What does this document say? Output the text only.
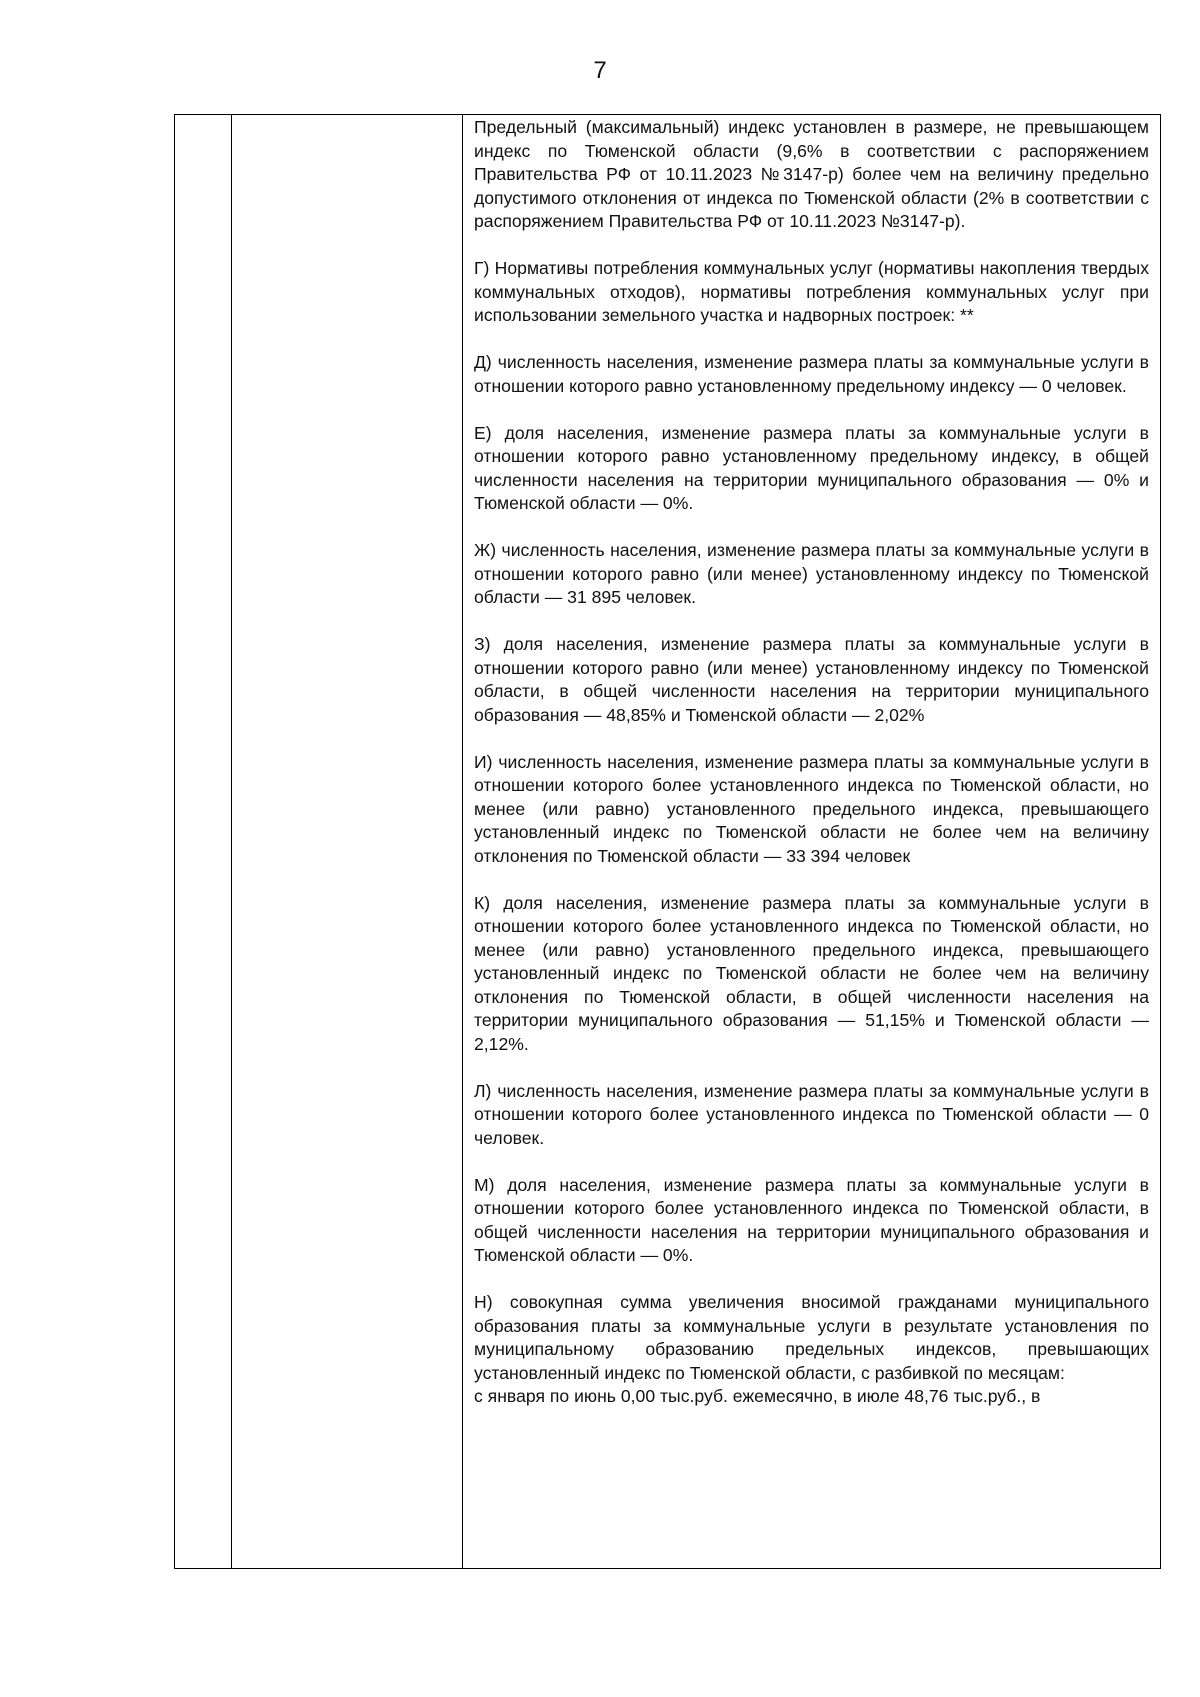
7

Предельный (максимальный) индекс установлен в размере, не превышающем индекс по Тюменской области (9,6% в соответствии с распоряжением Правительства РФ от 10.11.2023 №3147-р) более чем на величину предельно допустимого отклонения от индекса по Тюменской области (2% в соответствии с распоряжением Правительства РФ от 10.11.2023 №3147-р).

Г) Нормативы потребления коммунальных услуг (нормативы накопления твердых коммунальных отходов), нормативы потребления коммунальных услуг при использовании земельного участка и надворных построек: **

Д) численность населения, изменение размера платы за коммунальные услуги в отношении которого равно установленному предельному индексу — 0 человек.

Е) доля населения, изменение размера платы за коммунальные услуги в отношении которого равно установленному предельному индексу, в общей численности населения на территории муниципального образования — 0% и Тюменской области — 0%.

Ж) численность населения, изменение размера платы за коммунальные услуги в отношении которого равно (или менее) установленному индексу по Тюменской области — 31 895 человек.

З) доля населения, изменение размера платы за коммунальные услуги в отношении которого равно (или менее) установленному индексу по Тюменской области, в общей численности населения на территории муниципального образования — 48,85% и Тюменской области — 2,02%

И) численность населения, изменение размера платы за коммунальные услуги в отношении которого более установленного индекса по Тюменской области, но менее (или равно) установленного предельного индекса, превышающего установленный индекс по Тюменской области не более чем на величину отклонения по Тюменской области — 33 394 человек

К) доля населения, изменение размера платы за коммунальные услуги в отношении которого более установленного индекса по Тюменской области, но менее (или равно) установленного предельного индекса, превышающего установленный индекс по Тюменской области не более чем на величину отклонения по Тюменской области, в общей численности населения на территории муниципального образования — 51,15% и Тюменской области — 2,12%.

Л) численность населения, изменение размера платы за коммунальные услуги в отношении которого более установленного индекса по Тюменской области — 0 человек.

М) доля населения, изменение размера платы за коммунальные услуги в отношении которого более установленного индекса по Тюменской области, в общей численности населения на территории муниципального образования и Тюменской области — 0%.

Н) совокупная сумма увеличения вносимой гражданами муниципального образования платы за коммунальные услуги в результате установления по муниципальному образованию предельных индексов, превышающих установленный индекс по Тюменской области, с разбивкой по месяцам:

с января по июнь 0,00 тыс.руб. ежемесячно, в июле 48,76 тыс.руб., в
